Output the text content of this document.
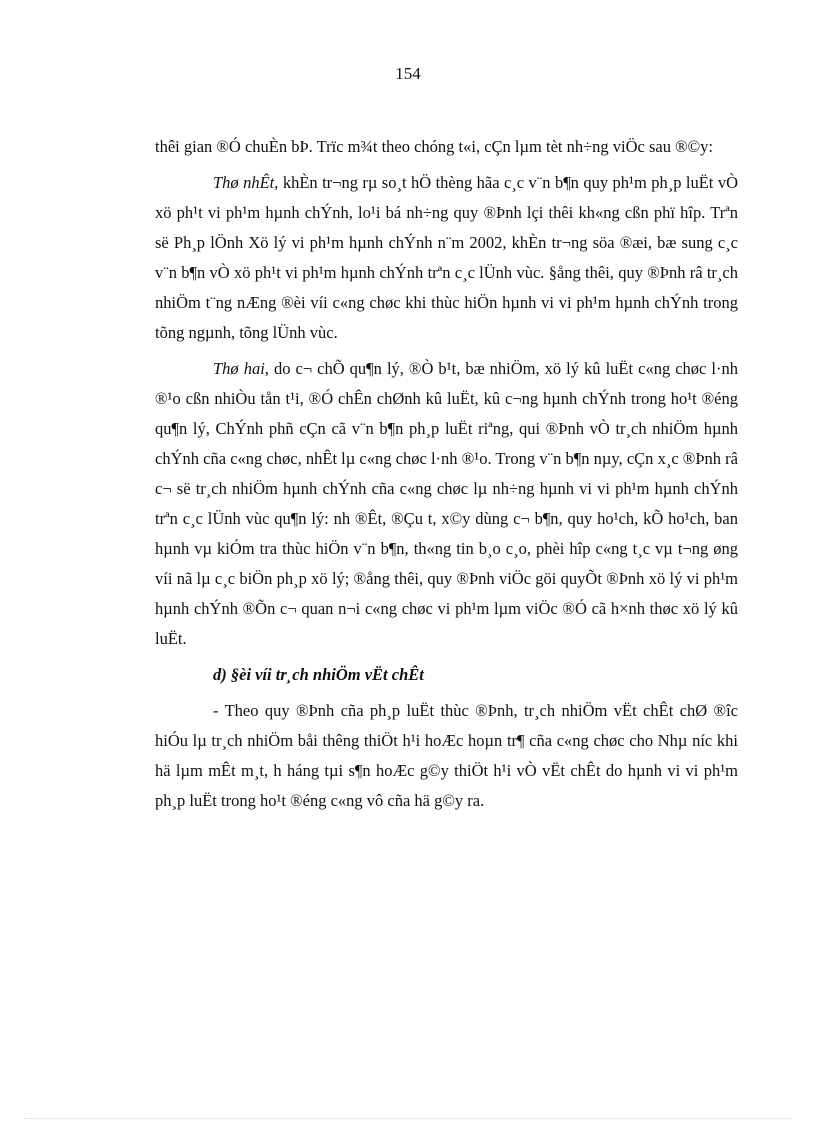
154

thêi gian ®Ó chuÈn bÞ. Trïc m¾t theo chóng t«i, cÇn lµm tèt nh÷ng viÖc sau ®©y:

Thø nhÊt, khÈn tr¬ng rµ so¸t hÖ thèng hãa c¸c v¨n b¶n quy ph¹m ph¸p luËt vÒ xö ph¹t vi ph¹m hµnh chÝnh, lo¹i bá nh÷ng quy ®Þnh lçi thêi kh«ng cßn phï hîp. Trªn së Ph¸p lÖnh Xö lý vi ph¹m hµnh chÝnh n¨m 2002, khÈn tr¬ng söa ®æi, bæ sung c¸c v¨n b¶n vÒ xö ph¹t vi ph¹m hµnh chÝnh trªn c¸c lÜnh vùc. §ång thêi, quy ®Þnh râ tr¸ch nhiÖm t¨ng nÆng ®èi víi c«ng chøc khi thùc hiÖn hµnh vi vi ph¹m hµnh chÝnh trong tõng ngµnh, tõng lÜnh vùc.

Thø hai, do c¬ chÕ qu¶n lý, ®Ò b¹t, bæ nhiÖm, xö lý kû luËt c«ng chøc l·nh ®¹o cßn nhiÒu tån t¹i, ®Ó chÊn chØnh kû luËt, kû c¬ng hµnh chÝnh trong ho¹t ®éng qu¶n lý, ChÝnh phñ cÇn cã v¨n b¶n ph¸p luËt riªng, qui ®Þnh vÒ tr¸ch nhiÖm hµnh chÝnh cña c«ng chøc, nhÊt lµ c«ng chøc l·nh ®¹o. Trong v¨n b¶n nµy, cÇn x¸c ®Þnh râ c¬ së tr¸ch nhiÖm hµnh chÝnh cña c«ng chøc lµ nh÷ng hµnh vi vi ph¹m hµnh chÝnh trªn c¸c lÜnh vùc qu¶n lý: nh ®Êt, ®Çu t, x©y dùng c¬ b¶n, quy ho¹ch, kÕ ho¹ch, ban hµnh vµ kiÓm tra thùc hiÖn v¨n b¶n, th«ng tin b¸o c¸o, phèi hîp c«ng t¸c vµ t¬ng øng víi nã lµ c¸c biÖn ph¸p xö lý; ®ång thêi, quy ®Þnh viÖc göi quyÕt ®Þnh xö lý vi ph¹m hµnh chÝnh ®Õn c¬ quan n¬i c«ng chøc vi ph¹m lµm viÖc ®Ó cã h×nh thøc xö lý kû luËt.

d) §èi víi tr¸ch nhiÖm vËt chÊt

- Theo quy ®Þnh cña ph¸p luËt thùc ®Þnh, tr¸ch nhiÖm vËt chÊt chØ ®îc hiÓu lµ tr¸ch nhiÖm båi thêng thiÖt h¹i hoÆc hoµn tr¶ cña c«ng chøc cho Nhµ níc khi hä lµm mÊt m¸t, h háng tµi s¶n hoÆc g©y thiÖt h¹i vÒ vËt chÊt do hµnh vi vi ph¹m ph¸p luËt trong ho¹t ®éng c«ng vô cña hä g©y ra.
